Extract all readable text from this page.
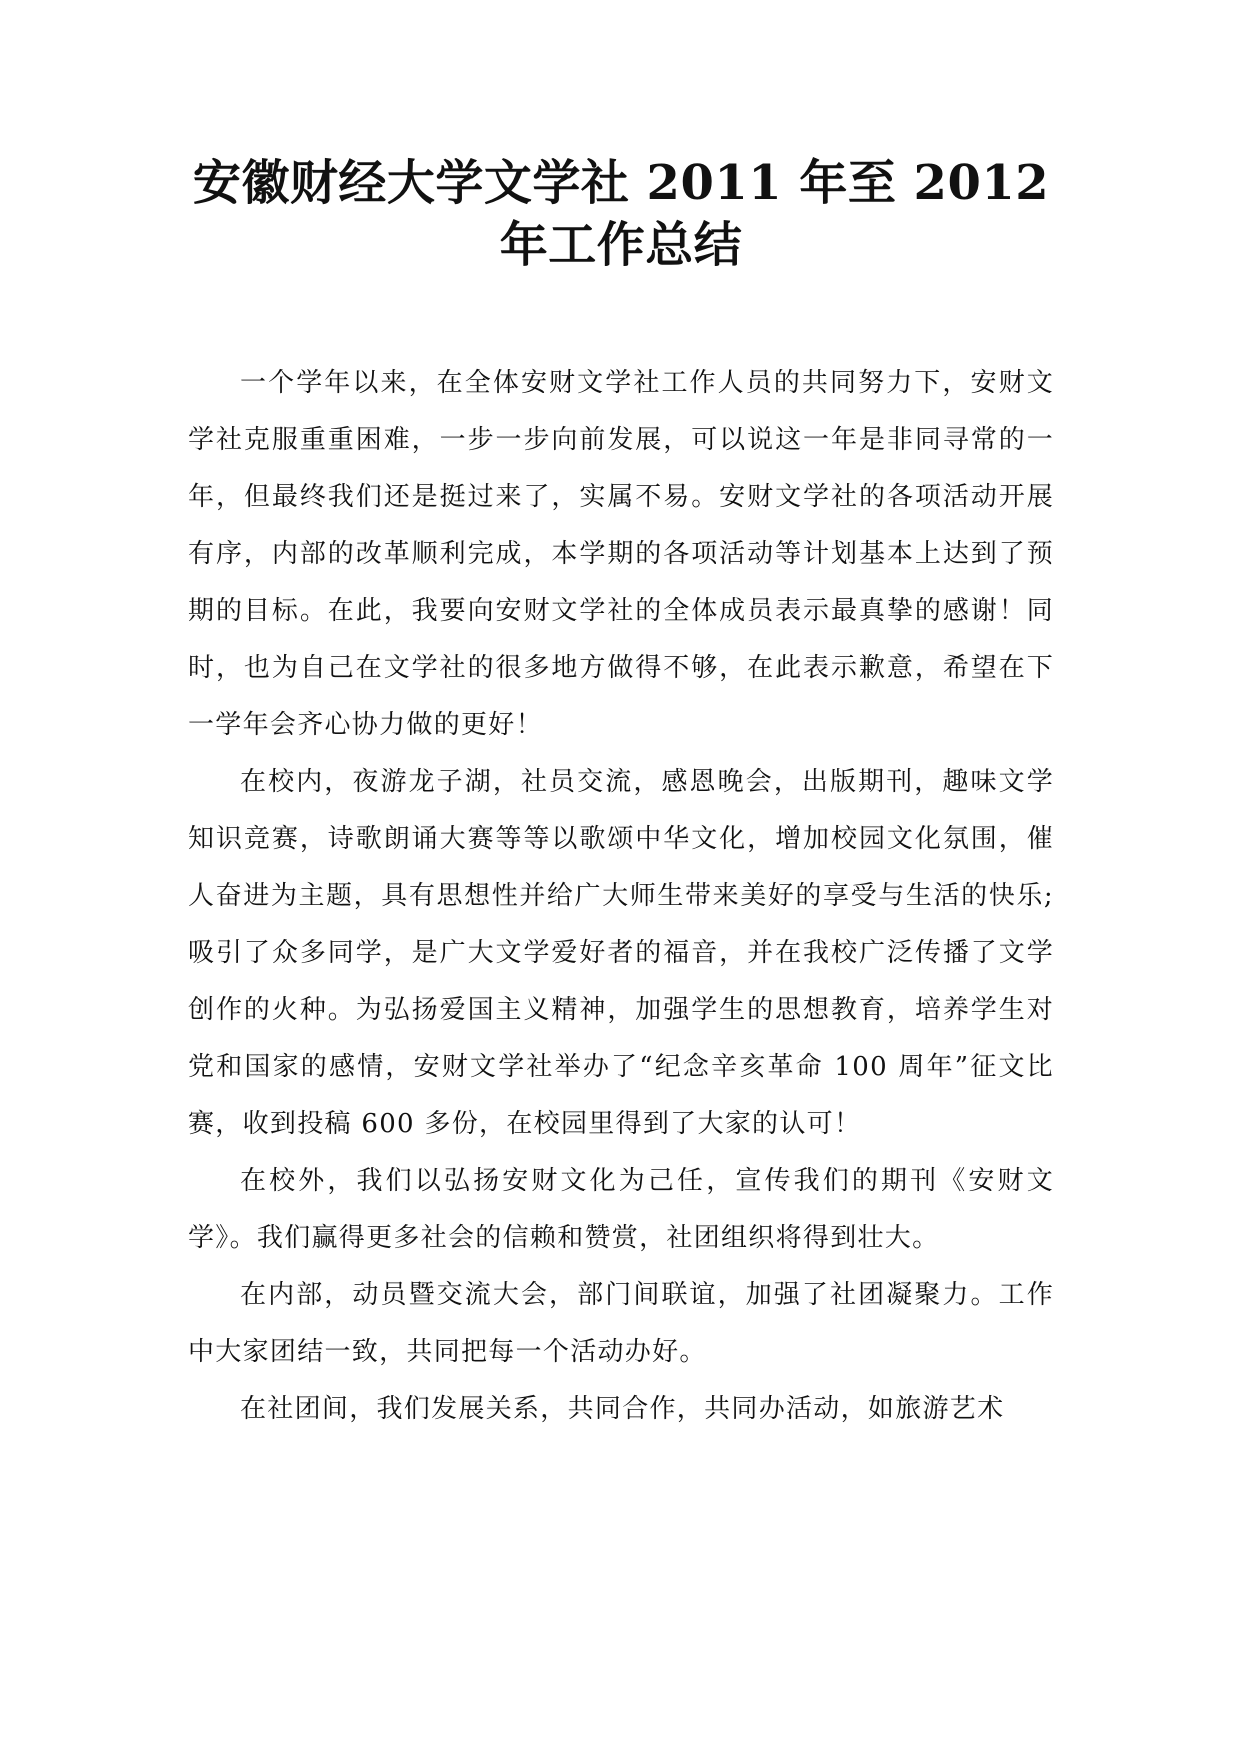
安徽财经大学文学社 2011 年至 2012 年工作总结

一个学年以来，在全体安财文学社工作人员的共同努力下，安财文学社克服重重困难，一步一步向前发展，可以说这一年是非同寻常的一年，但最终我们还是挺过来了，实属不易。安财文学社的各项活动开展有序，内部的改革顺利完成，本学期的各项活动等计划基本上达到了预期的目标。在此，我要向安财文学社的全体成员表示最真挚的感谢！同时，也为自己在文学社的很多地方做得不够，在此表示歉意，希望在下一学年会齐心协力做的更好！

在校内，夜游龙子湖，社员交流，感恩晚会，出版期刊，趣味文学知识竞赛，诗歌朗诵大赛等等以歌颂中华文化，增加校园文化氛围，催人奋进为主题，具有思想性并给广大师生带来美好的享受与生活的快乐; 吸引了众多同学，是广大文学爱好者的福音，并在我校广泛传播了文学创作的火种。为弘扬爱国主义精神，加强学生的思想教育，培养学生对党和国家的感情，安财文学社举办了“纪念辛亥革命 100 周年”征文比赛，收到投稿 600 多份，在校园里得到了大家的认可！

在校外，我们以弘扬安财文化为己任，宣传我们的期刊《安财文学》。我们赢得更多社会的信赖和赞赏，社团组织将得到壮大。

在内部，动员暨交流大会，部门间联谊，加强了社团凝聚力。工作中大家团结一致，共同把每一个活动办好。

在社团间，我们发展关系，共同合作，共同办活动，如旅游艺术
